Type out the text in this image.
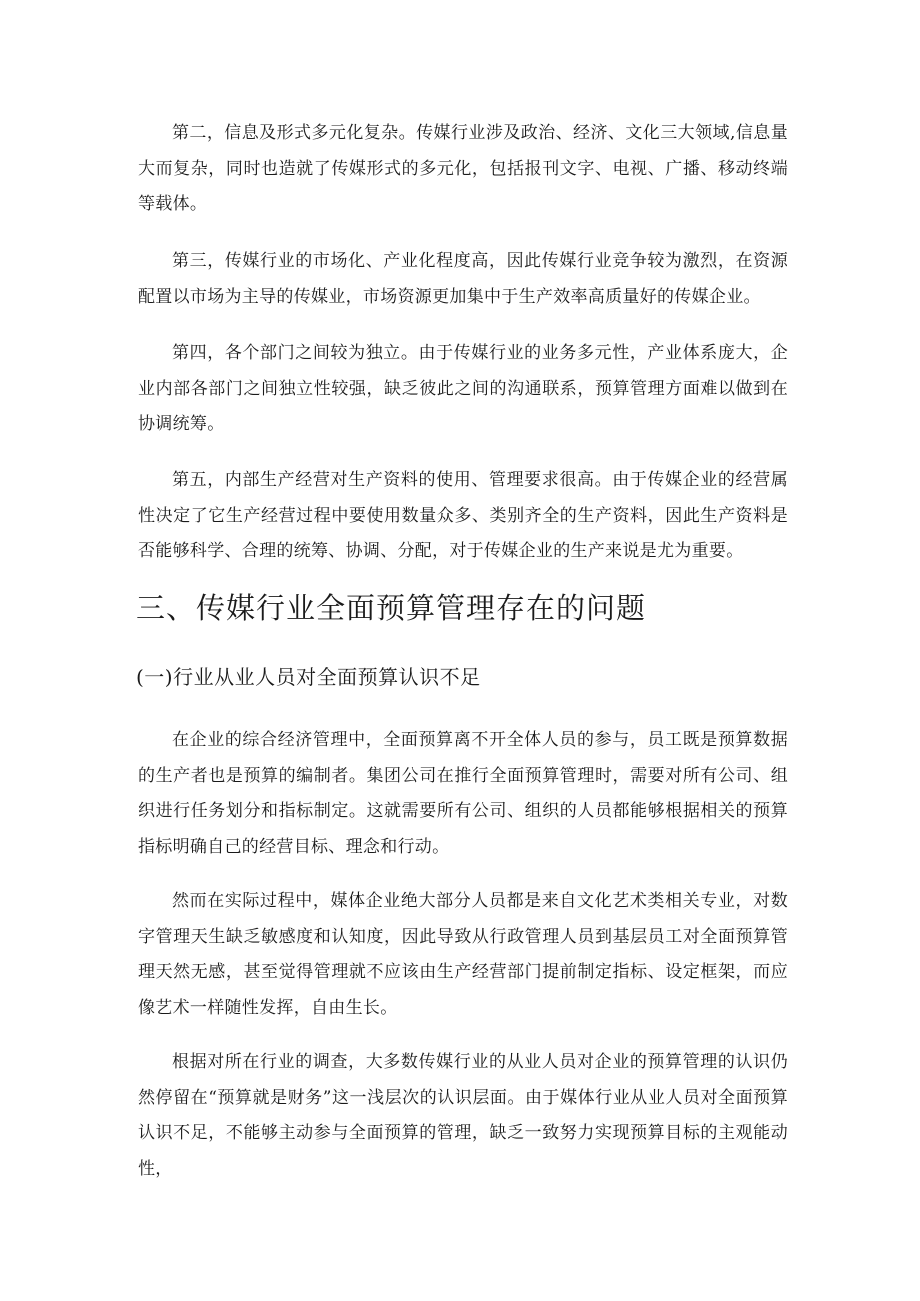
第二，信息及形式多元化复杂。传媒行业涉及政治、经济、文化三大领域,信息量大而复杂，同时也造就了传媒形式的多元化，包括报刊文字、电视、广播、移动终端等载体。

第三，传媒行业的市场化、产业化程度高，因此传媒行业竞争较为激烈，在资源配置以市场为主导的传媒业，市场资源更加集中于生产效率高质量好的传媒企业。

第四，各个部门之间较为独立。由于传媒行业的业务多元性，产业体系庞大，企业内部各部门之间独立性较强，缺乏彼此之间的沟通联系，预算管理方面难以做到在协调统筹。

第五，内部生产经营对生产资料的使用、管理要求很高。由于传媒企业的经营属性决定了它生产经营过程中要使用数量众多、类别齐全的生产资料，因此生产资料是否能够科学、合理的统筹、协调、分配，对于传媒企业的生产来说是尤为重要。

三、传媒行业全面预算管理存在的问题
(一)行业从业人员对全面预算认识不足

在企业的综合经济管理中，全面预算离不开全体人员的参与，员工既是预算数据的生产者也是预算的编制者。集团公司在推行全面预算管理时，需要对所有公司、组织进行任务划分和指标制定。这就需要所有公司、组织的人员都能够根据相关的预算指标明确自己的经营目标、理念和行动。

然而在实际过程中，媒体企业绝大部分人员都是来自文化艺术类相关专业，对数字管理天生缺乏敏感度和认知度，因此导致从行政管理人员到基层员工对全面预算管理天然无感，甚至觉得管理就不应该由生产经营部门提前制定指标、设定框架，而应像艺术一样随性发挥，自由生长。

根据对所在行业的调查，大多数传媒行业的从业人员对企业的预算管理的认识仍然停留在“预算就是财务”这一浅层次的认识层面。由于媒体行业从业人员对全面预算认识不足，不能够主动参与全面预算的管理，缺乏一致努力实现预算目标的主观能动性，
